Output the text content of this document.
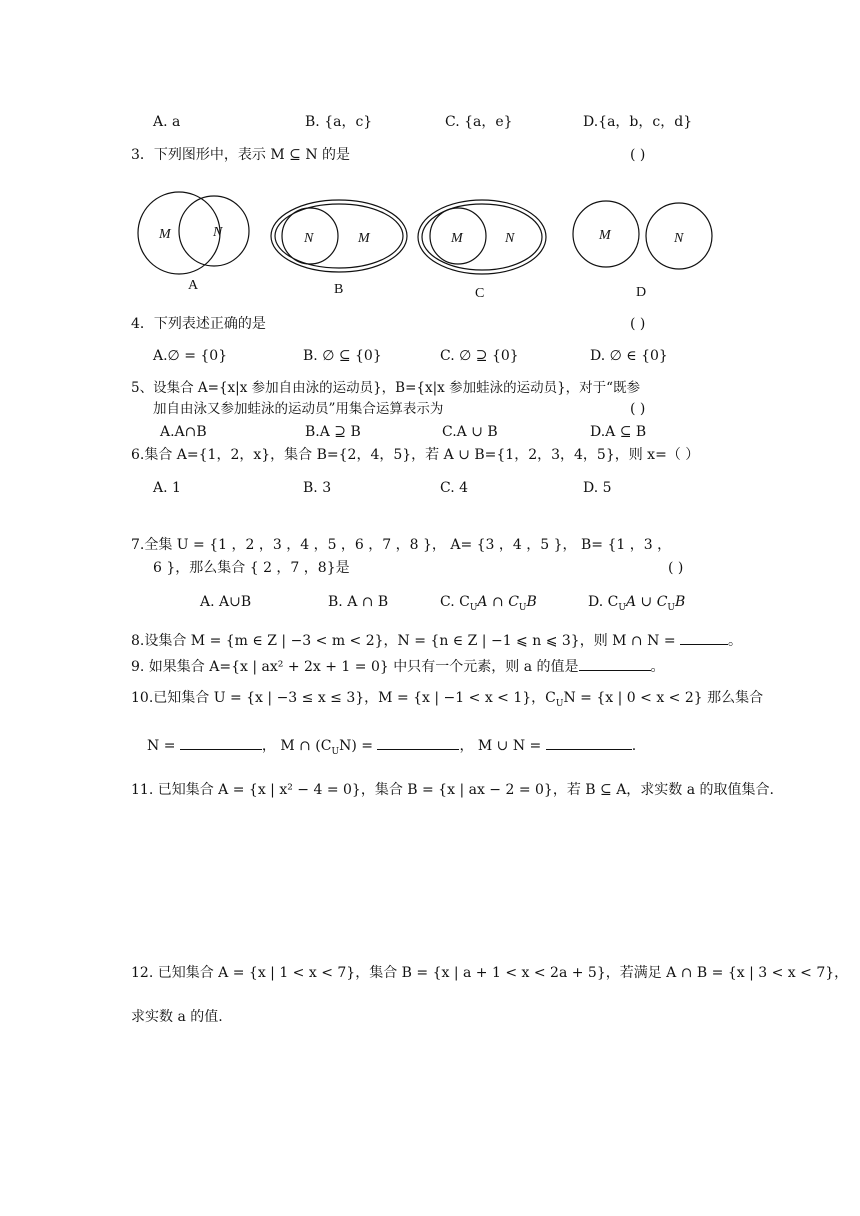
A. a	B. {a，c}	C. {a，e}	D.{a，b，c，d}
3．下列图形中，表示 M ⊆ N 的是	( )
M	N
A
N	M
B
M	N
C
M	N
D
4．下列表述正确的是	( )
A.∅ = {0}	B. ∅ ⊆ {0}	C. ∅ ⊇ {0}	D. ∅ ∈ {0}
5、设集合 A={x|x 参加自由泳的运动员}，B={x|x 参加蛙泳的运动员}，对于“既参
加自由泳又参加蛙泳的运动员”用集合运算表示为	( )
A.A∩B	B.A ⊇ B	C.A ∪ B	D.A ⊆ B
6.集合 A={1，2，x}，集合 B={2，4，5}，若 A ∪ B={1，2，3，4，5}，则 x=（ ）
A. 1	B. 3	C. 4	D. 5
7.全集 U = {1 ，2 ，3 ，4 ，5 ，6 ，7 ，8 }， A= {3 ，4 ，5 }， B= {1 ，3 ，
6 }，那么集合 { 2 ，7 ，8}是	( )
A. A∪B	B. A ∩ B	C. $C_UA$ ∩ $C_UB$	D. $C_UA$ ∪ $C_UB$
8.设集合 M = {m ∈ Z | −3 < m < 2}，N = {n ∈ Z | −1 ⩽ n ⩽ 3}，则 M ∩ N =	。
9. 如果集合 A={x | ax² + 2x + 1 = 0} 中只有一个元素，则 a 的值是	。
10.已知集合 U = {x | −3 ≤ x ≤ 3}，M = {x | −1 < x < 1}，$C_UN = \{x$ | 0 < x < 2} 那么集合
N =	， M ∩ $(C_UN)$ =	， M ∪ N =	.
11. 已知集合 A = {x | x² − 4 = 0}，集合 B = {x | ax − 2 = 0}，若 B ⊆ A，求实数 a 的取值集合.
12. 已知集合 A = {x | 1 < x < 7}，集合 B = {x | a + 1 < x < 2a + 5}，若满足 A ∩ B = {x | 3 < x < 7}，
求实数 a 的值.
